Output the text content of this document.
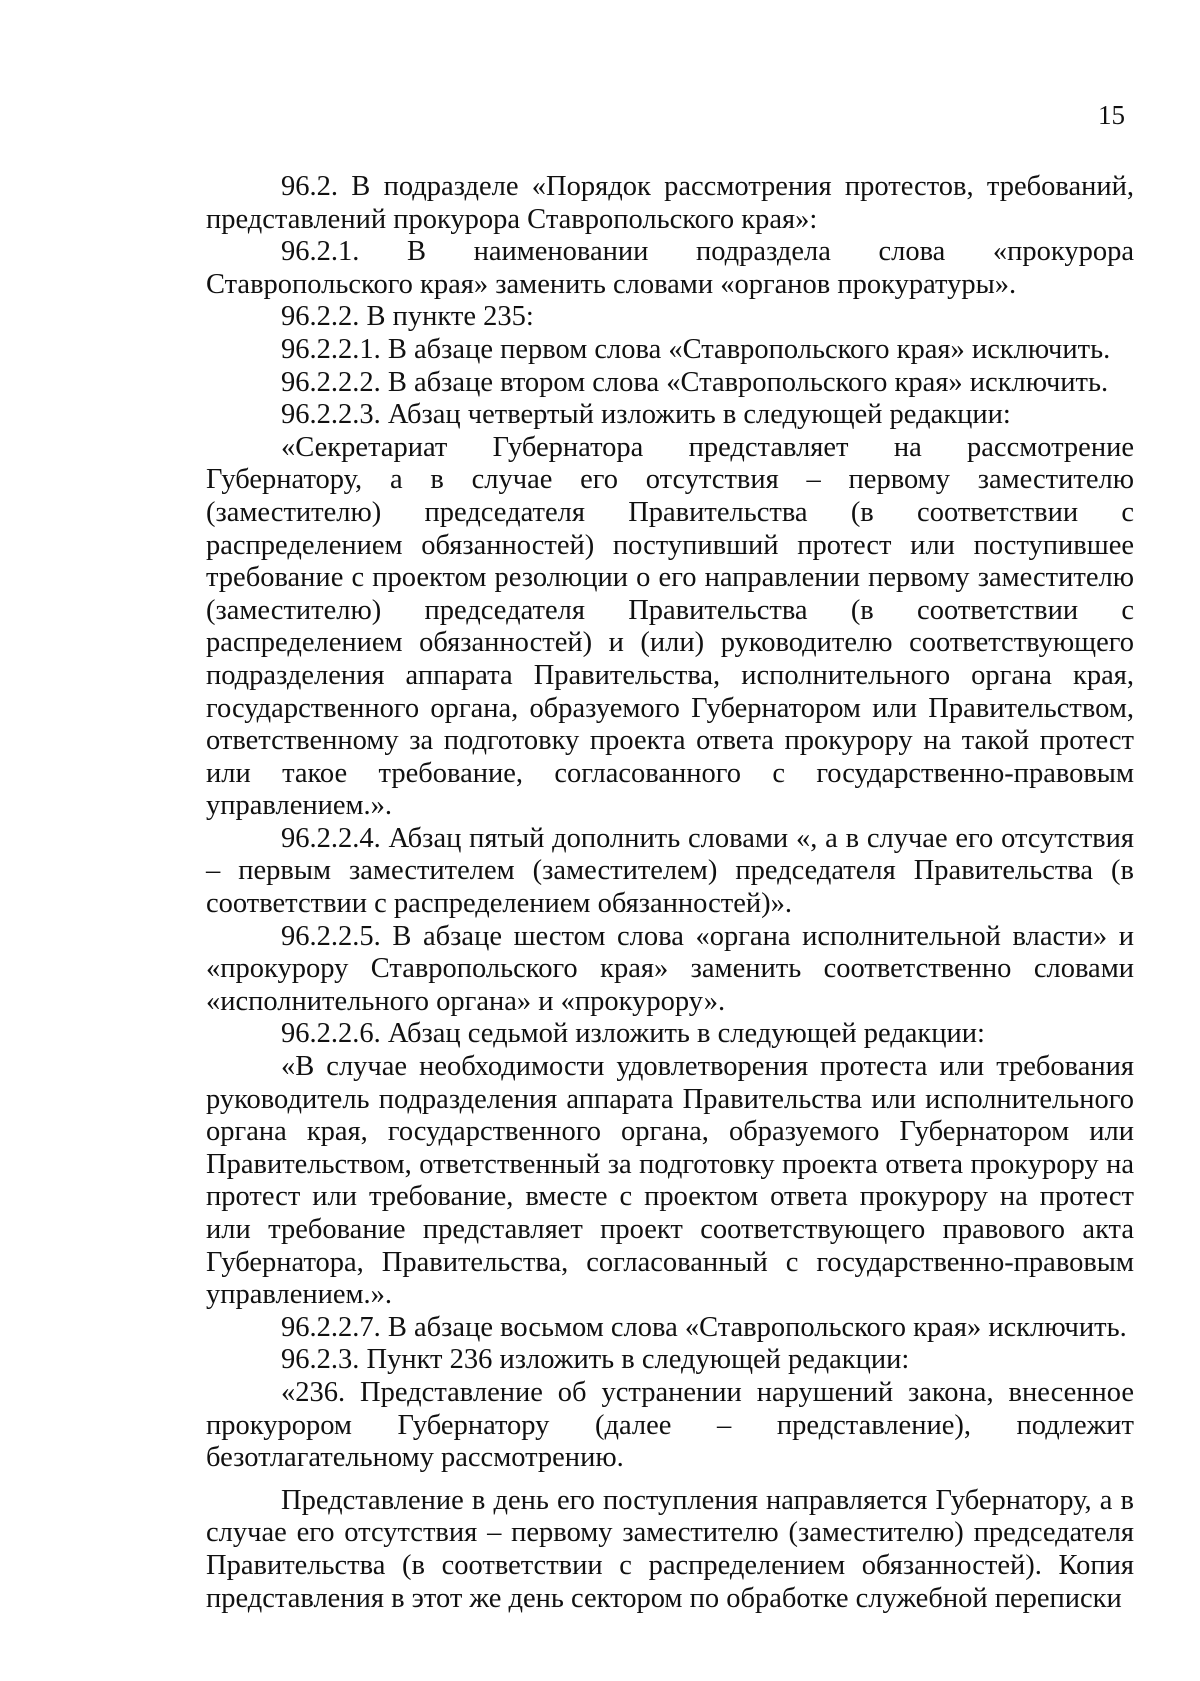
15

96.2. В подразделе «Порядок рассмотрения протестов, требований, представлений прокурора Ставропольского края»:

96.2.1. В наименовании подраздела слова «прокурора Ставропольского края» заменить словами «органов прокуратуры».

96.2.2. В пункте 235:

96.2.2.1. В абзаце первом слова «Ставропольского края» исключить.

96.2.2.2. В абзаце втором слова «Ставропольского края» исключить.

96.2.2.3. Абзац четвертый изложить в следующей редакции:

«Секретариат Губернатора представляет на рассмотрение Губернатору, а в случае его отсутствия – первому заместителю (заместителю) председателя Правительства (в соответствии с распределением обязанностей) поступивший протест или поступившее требование с проектом резолюции о его направлении первому заместителю (заместителю) председателя Правительства (в соответствии с распределением обязанностей) и (или) руководителю соответствующего подразделения аппарата Правительства, исполнительного органа края, государственного органа, образуемого Губернатором или Правительством, ответственному за подготовку проекта ответа прокурору на такой протест или такое требование, согласованного с государственно-правовым управлением.».

96.2.2.4. Абзац пятый дополнить словами «, а в случае его отсутствия – первым заместителем (заместителем) председателя Правительства (в соответствии с распределением обязанностей)».

96.2.2.5. В абзаце шестом слова «органа исполнительной власти» и «прокурору Ставропольского края» заменить соответственно словами «исполнительного органа» и «прокурору».

96.2.2.6. Абзац седьмой изложить в следующей редакции:

«В случае необходимости удовлетворения протеста или требования руководитель подразделения аппарата Правительства или исполнительного органа края, государственного органа, образуемого Губернатором или Правительством, ответственный за подготовку проекта ответа прокурору на протест или требование, вместе с проектом ответа прокурору на протест или требование представляет проект соответствующего правового акта Губернатора, Правительства, согласованный с государственно-правовым управлением.».

96.2.2.7. В абзаце восьмом слова «Ставропольского края» исключить.

96.2.3. Пункт 236 изложить в следующей редакции:

«236. Представление об устранении нарушений закона, внесенное прокурором Губернатору (далее – представление), подлежит безотлагательному рассмотрению.

Представление в день его поступления направляется Губернатору, а в случае его отсутствия – первому заместителю (заместителю) председателя Правительства (в соответствии с распределением обязанностей). Копия представления в этот же день сектором по обработке служебной переписки
